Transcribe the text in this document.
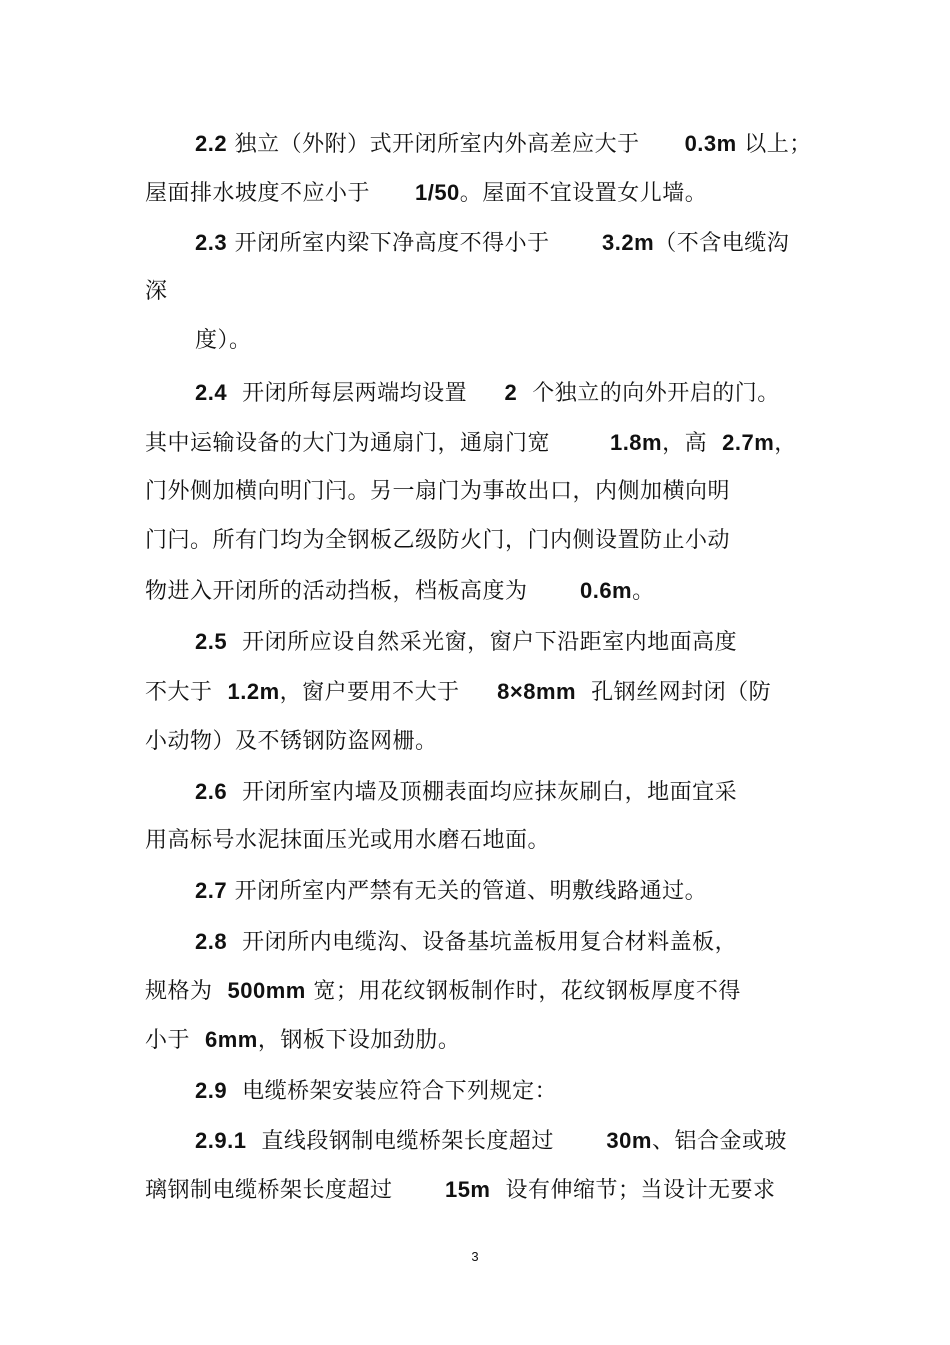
2.2 独立（外附）式开闭所室内外高差应大于      0.3m 以上；
屋面排水坡度不应小于      1/50。屋面不宜设置女儿墙。
2.3 开闭所室内梁下净高度不得小于       3.2m（不含电缆沟
深
度）。
2.4  开闭所每层两端均设置     2  个独立的向外开启的门。
其中运输设备的大门为通扇门，通扇门宽        1.8m，高  2.7m，
门外侧加横向明门闩。另一扇门为事故出口，内侧加横向明
门闩。所有门均为全钢板乙级防火门，门内侧设置防止小动
物进入开闭所的活动挡板，档板高度为       0.6m。
2.5  开闭所应设自然采光窗，窗户下沿距室内地面高度
不大于  1.2m，窗户要用不大于     8×8mm  孔钢丝网封闭（防
小动物）及不锈钢防盗网栅。
2.6  开闭所室内墙及顶棚表面均应抹灰刷白，地面宜采
用高标号水泥抹面压光或用水磨石地面。
2.7 开闭所室内严禁有无关的管道、明敷线路通过。
2.8  开闭所内电缆沟、设备基坑盖板用复合材料盖板，
规格为  500mm 宽；用花纹钢板制作时，花纹钢板厚度不得
小于  6mm，钢板下设加劲肋。
2.9  电缆桥架安装应符合下列规定：
2.9.1  直线段钢制电缆桥架长度超过       30m、铝合金或玻
璃钢制电缆桥架长度超过       15m  设有伸缩节；当设计无要求
3
